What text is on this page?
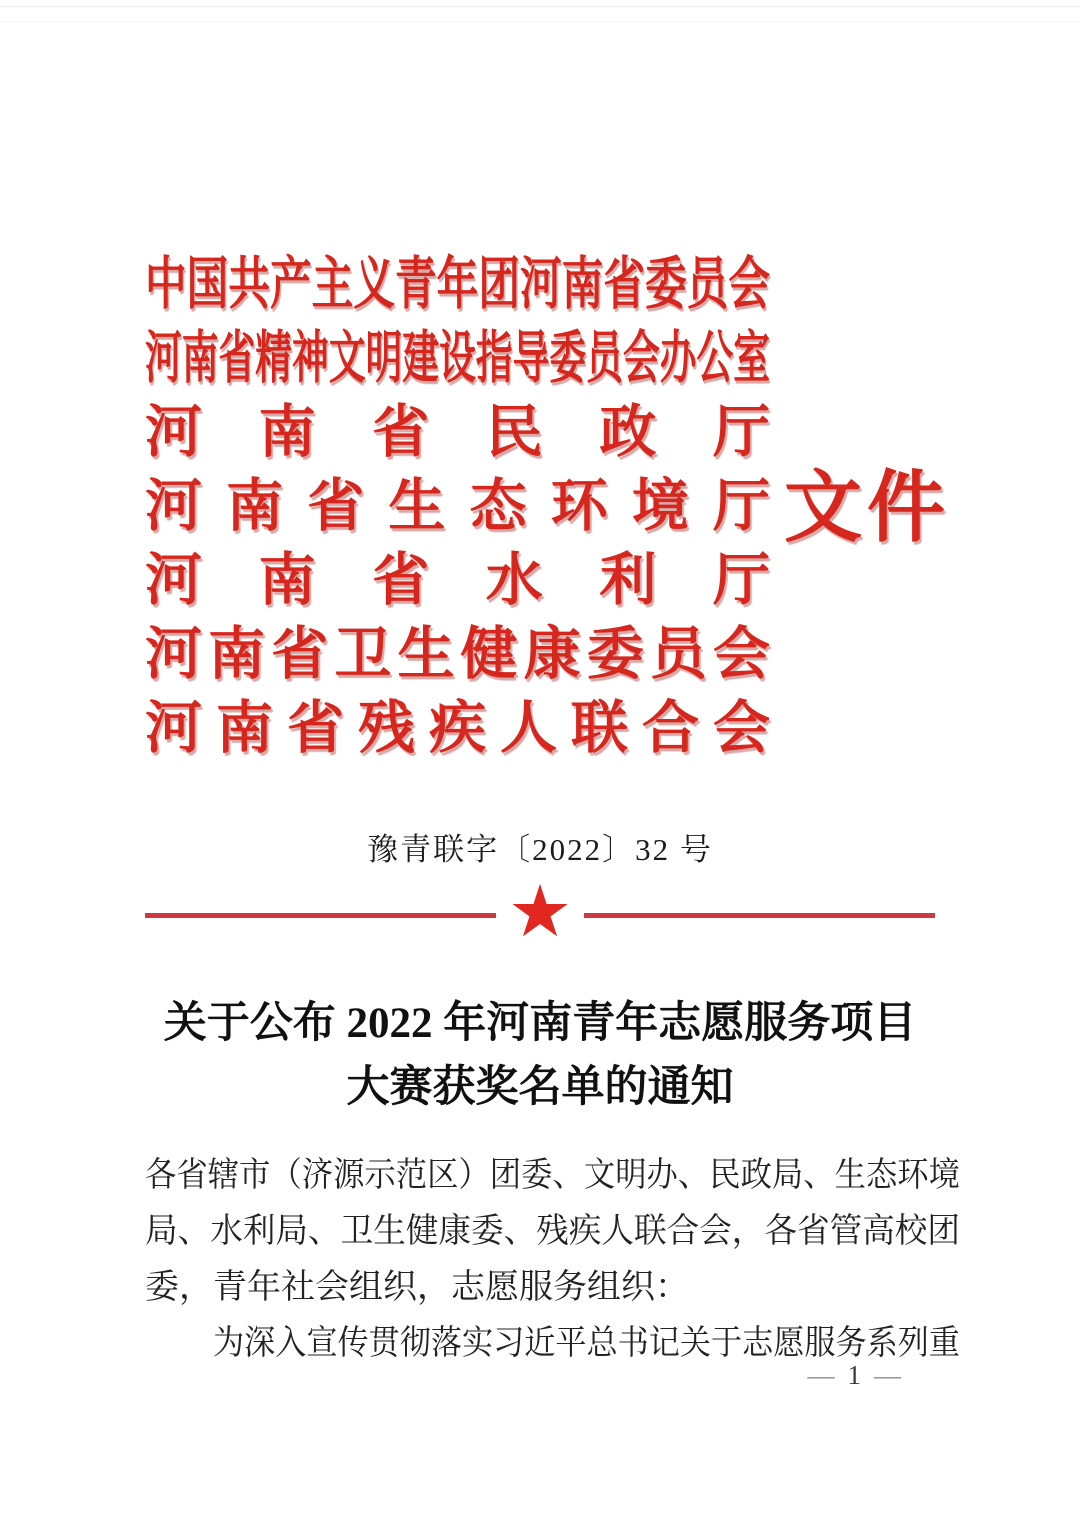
中国共产主义青年团河南省委员会
河南省精神文明建设指导委员会办公室
河南省民政厅
河南省生态环境厅
河南省水利厅
河南省卫生健康委员会
河南省残疾人联合会
文件
豫青联字〔2022〕32 号
★
关于公布 2022 年河南青年志愿服务项目
大赛获奖名单的通知
各省辖市（济源示范区）团委、文明办、民政局、生态环境
局、水利局、卫生健康委、残疾人联合会，各省管高校团
委，青年社会组织，志愿服务组织：
为深入宣传贯彻落实习近平总书记关于志愿服务系列重
— 1 —
